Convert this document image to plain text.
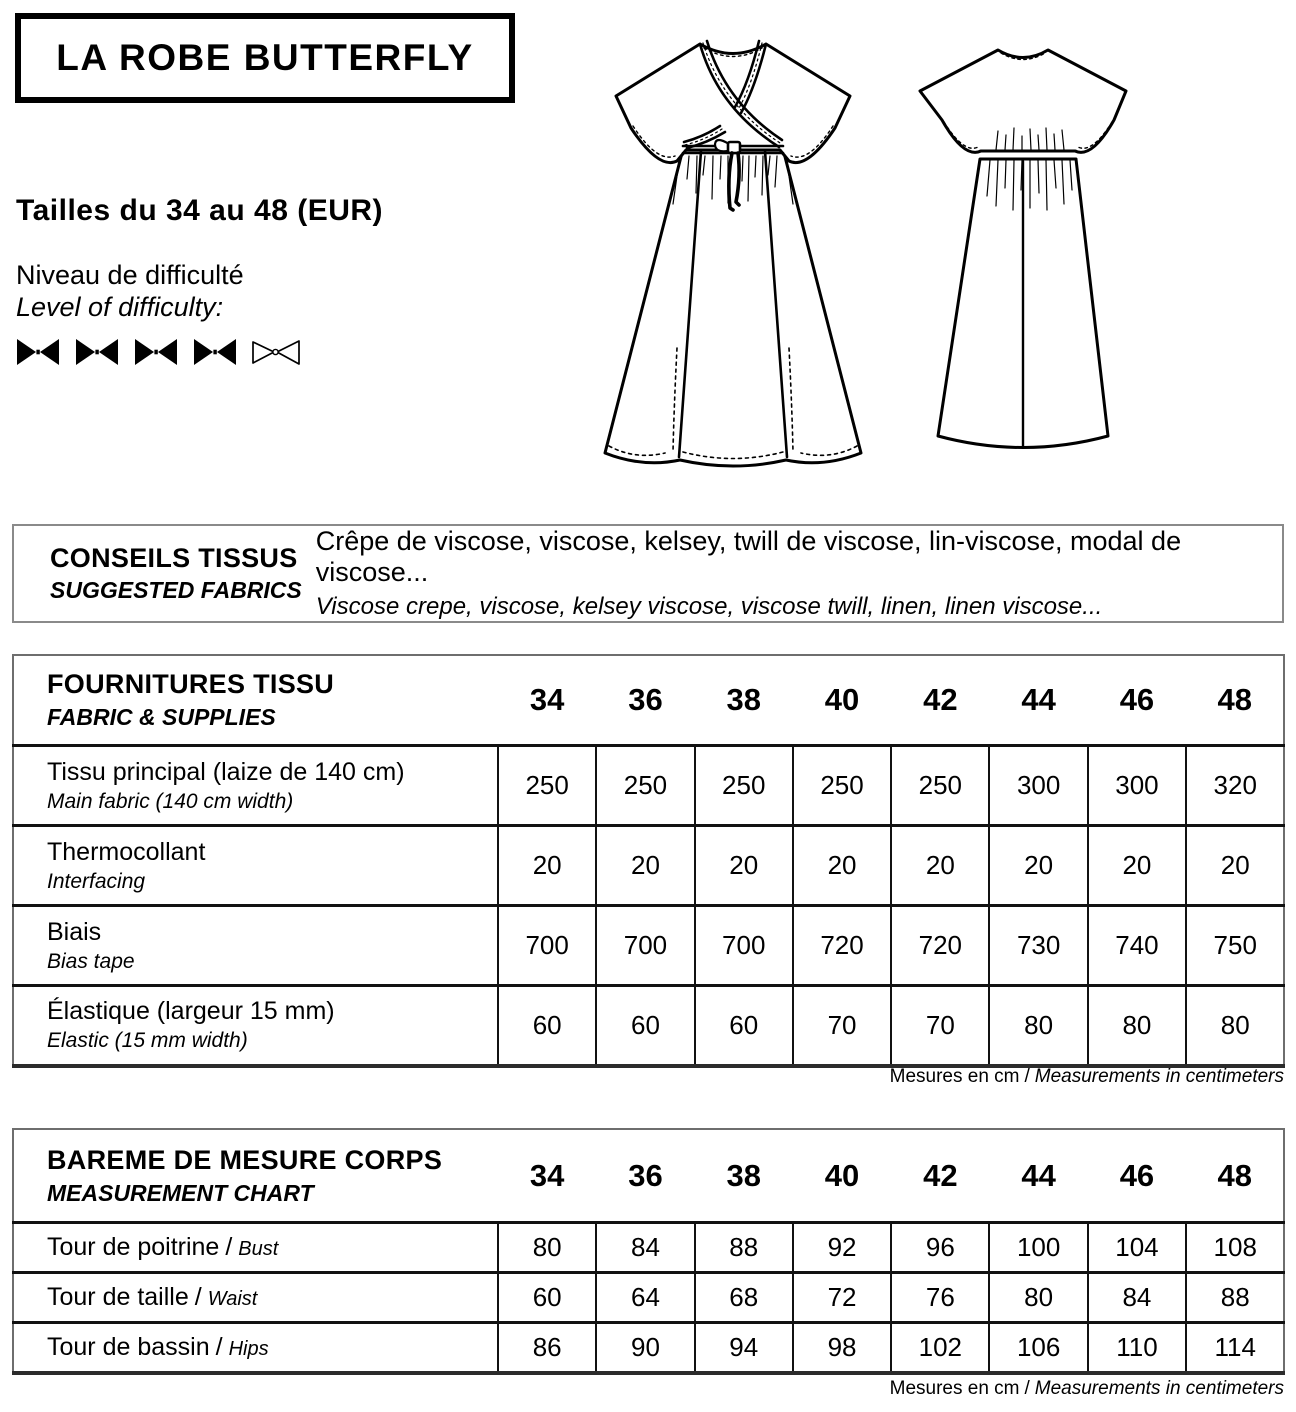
LA ROBE BUTTERFLY
Tailles du 34 au 48 (EUR)
Niveau de difficulté
Level of difficulty:
CONSEILS TISSUS
SUGGESTED FABRICS
Crêpe de viscose, viscose, kelsey, twill de viscose, lin-viscose, modal de viscose...
Viscose crepe, viscose, kelsey viscose, viscose twill, linen, linen viscose...
FOURNITURES TISSU
FABRIC & SUPPLIES	34	36	38	40	42	44	46	48

Tissu principal (laize de 140 cm)
Main fabric (140 cm width)	250	250	250	250	250	300	300	320

Thermocollant
Interfacing	20	20	20	20	20	20	20	20

Biais
Bias tape	700	700	700	720	720	730	740	750

Élastique (largeur 15 mm)
Elastic (15 mm width)	60	60	60	70	70	80	80	80
Mesures en cm / Measurements in centimeters
BAREME DE MESURE CORPS
MEASUREMENT CHART	34	36	38	40	42	44	46	48
Tour de poitrine / Bust	80	84	88	92	96	100	104	108
Tour de taille / Waist	60	64	68	72	76	80	84	88
Tour de bassin / Hips	86	90	94	98	102	106	110	114
Mesures en cm / Measurements in centimeters
